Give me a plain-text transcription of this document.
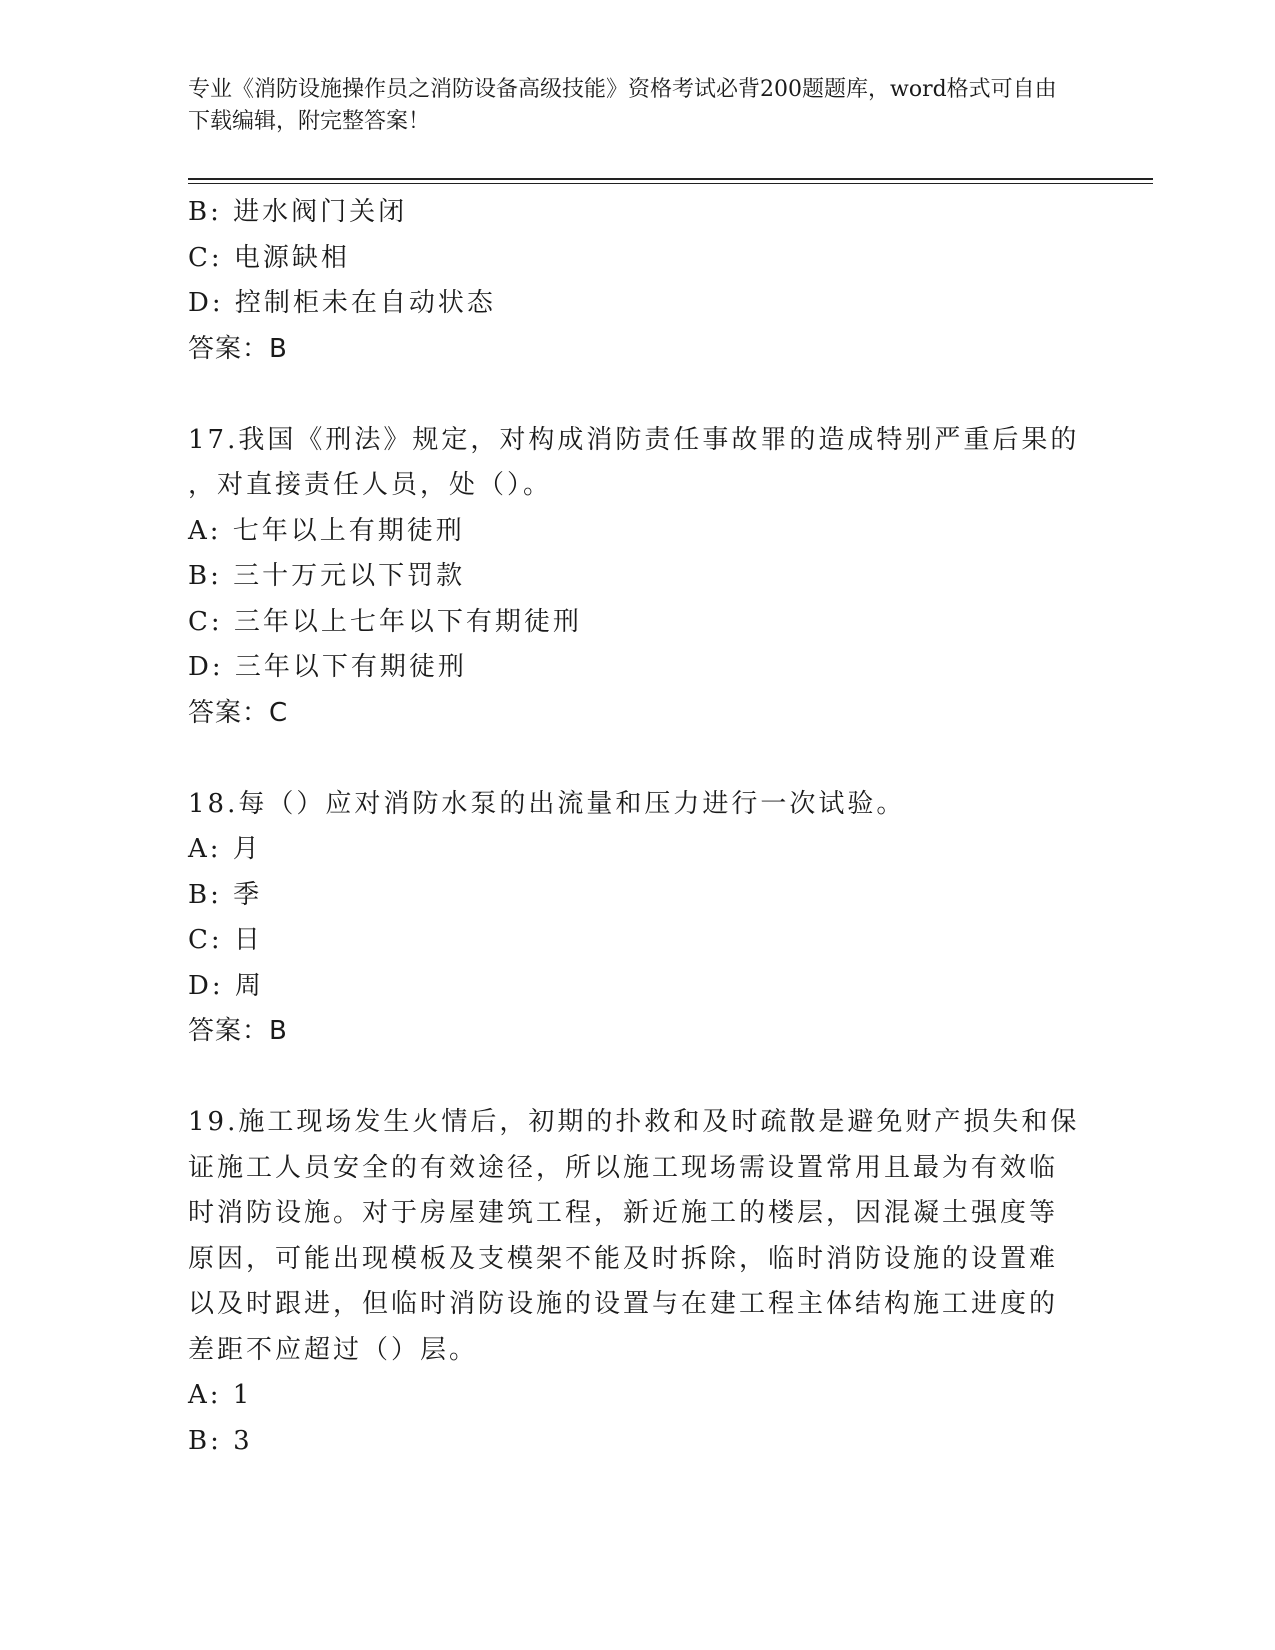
专业《消防设施操作员之消防设备高级技能》资格考试必背200题题库，word格式可自由下载编辑，附完整答案！
B: 进水阀门关闭
C: 电源缺相
D: 控制柜未在自动状态
答案：B
17.我国《刑法》规定，对构成消防责任事故罪的造成特别严重后果的
，对直接责任人员，处（）。
A: 七年以上有期徒刑
B: 三十万元以下罚款
C: 三年以上七年以下有期徒刑
D: 三年以下有期徒刑
答案：C
18.每（）应对消防水泵的出流量和压力进行一次试验。
A: 月
B: 季
C: 日
D: 周
答案：B
19.施工现场发生火情后，初期的扑救和及时疏散是避免财产损失和保
证施工人员安全的有效途径，所以施工现场需设置常用且最为有效临
时消防设施。对于房屋建筑工程，新近施工的楼层，因混凝土强度等
原因，可能出现模板及支模架不能及时拆除，临时消防设施的设置难
以及时跟进，但临时消防设施的设置与在建工程主体结构施工进度的
差距不应超过（）层。
A: 1
B: 3
